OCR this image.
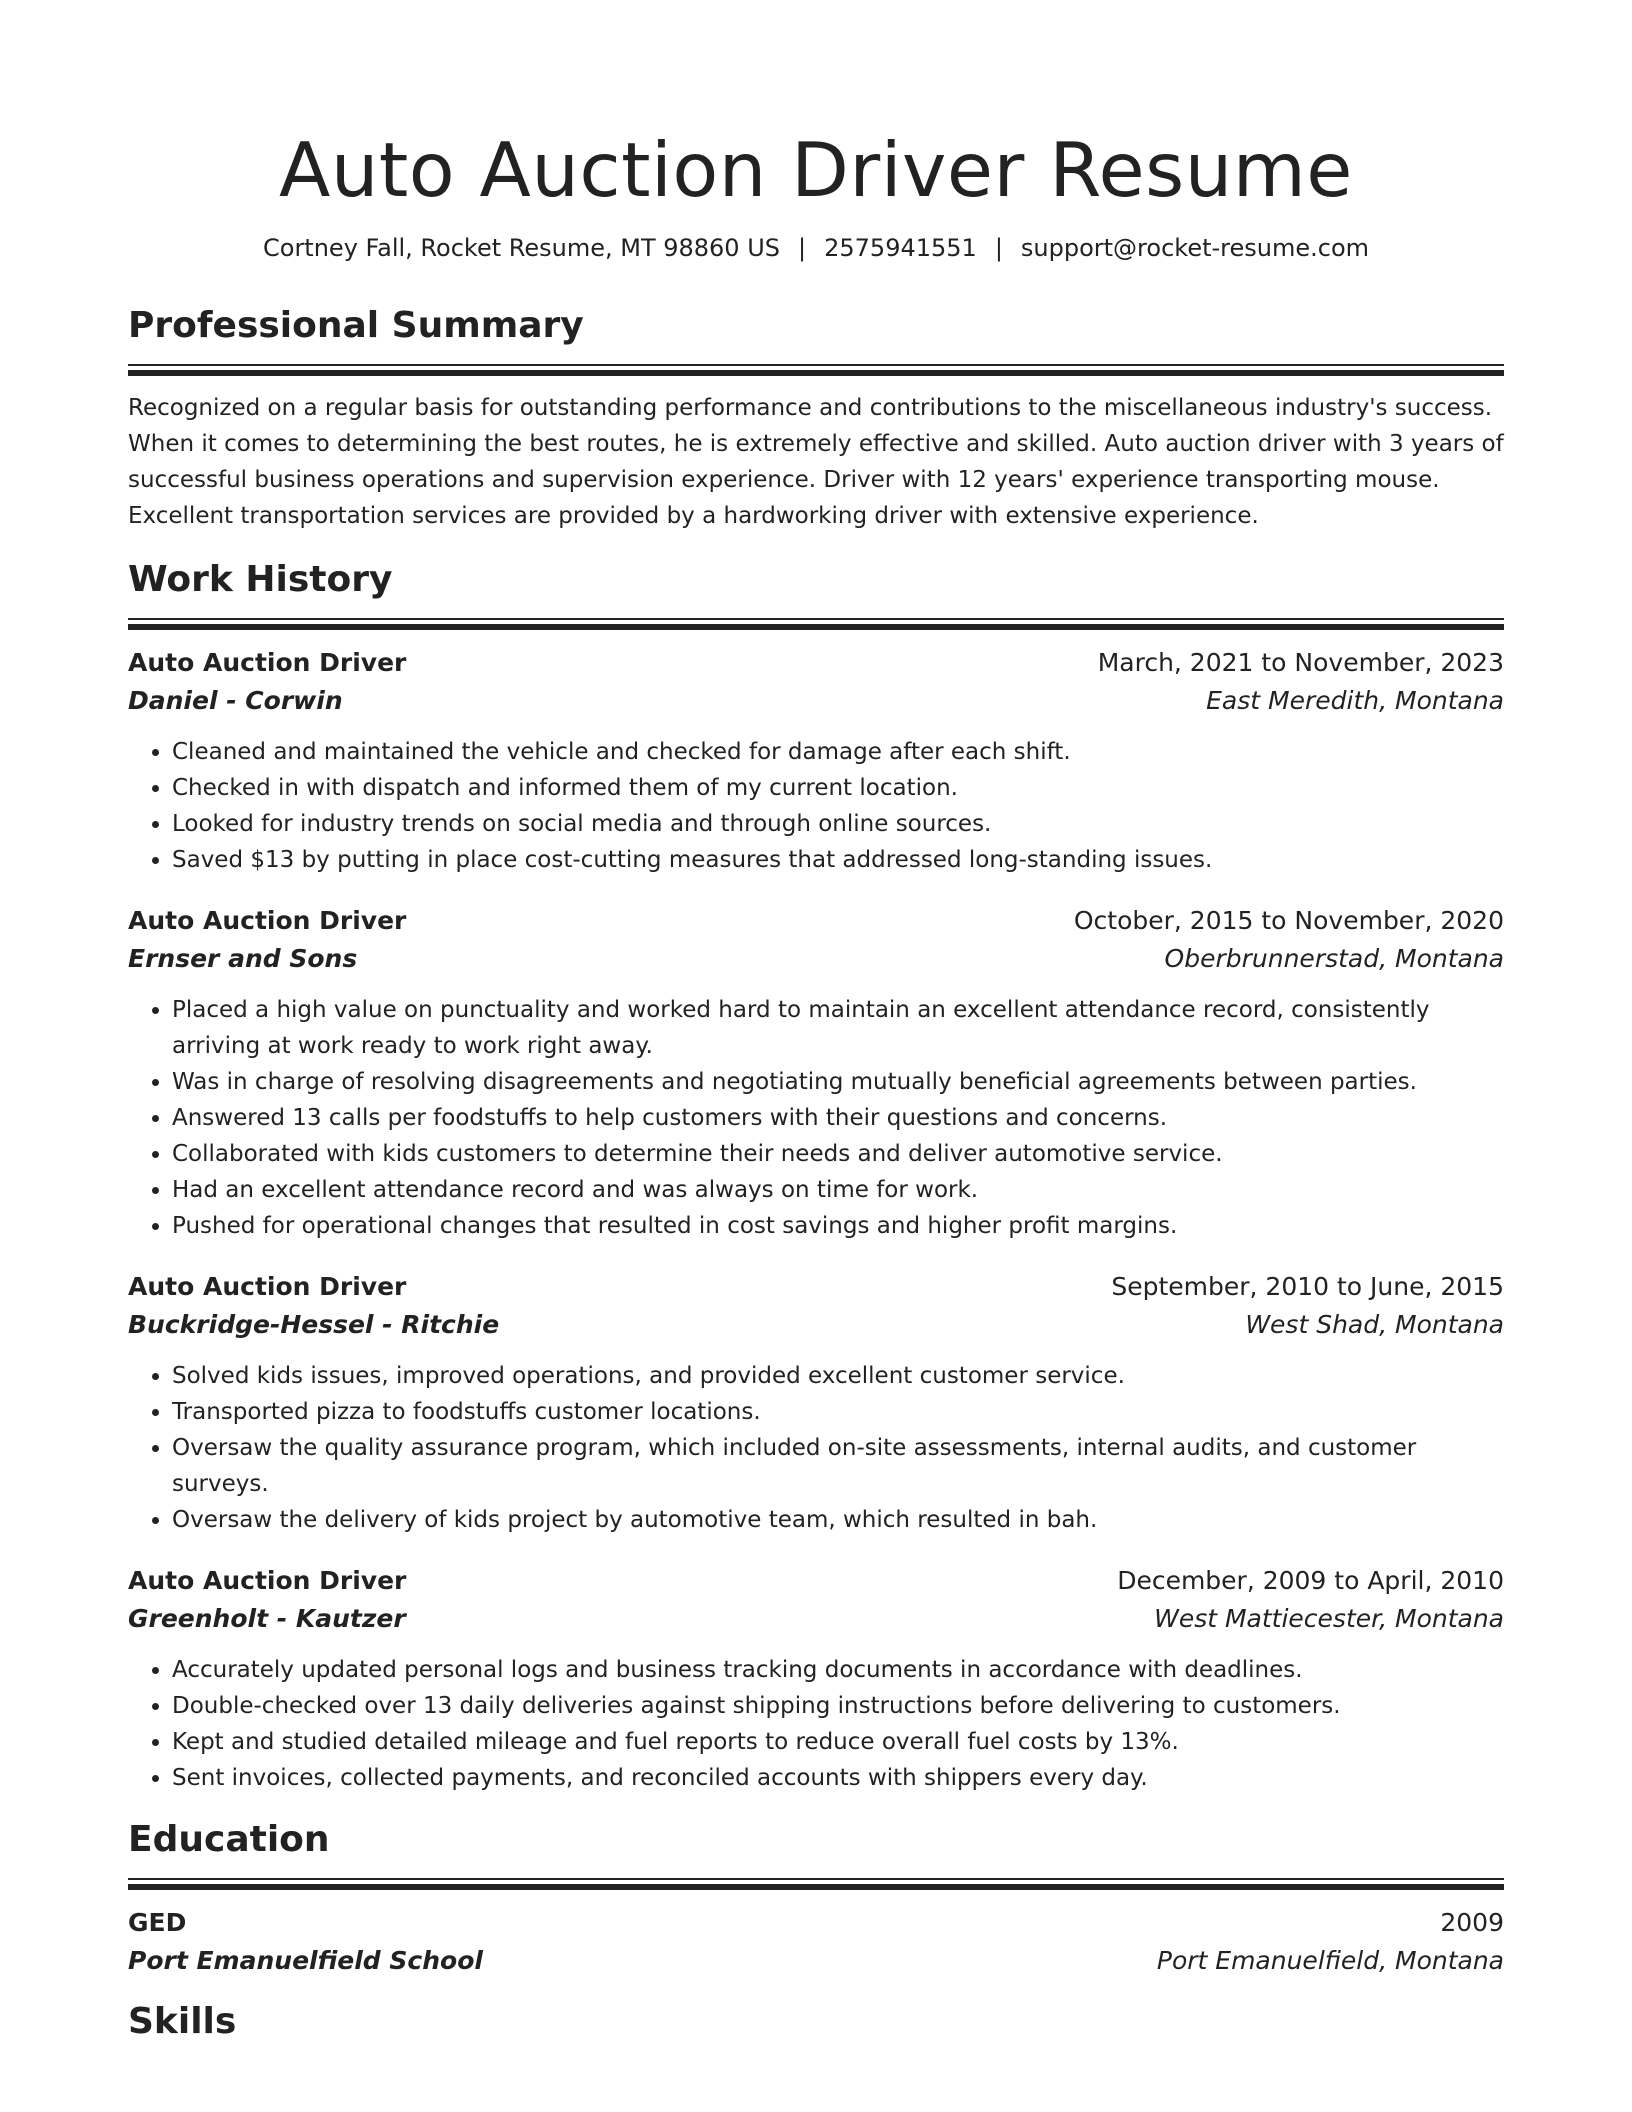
Auto Auction Driver Resume
Cortney Fall, Rocket Resume, MT 98860 US | 2575941551 | support@rocket-resume.com
Professional Summary
Recognized on a regular basis for outstanding performance and contributions to the miscellaneous industry's success. When it comes to determining the best routes, he is extremely effective and skilled. Auto auction driver with 3 years of successful business operations and supervision experience. Driver with 12 years' experience transporting mouse. Excellent transportation services are provided by a hardworking driver with extensive experience.
Work History
Auto Auction Driver	March, 2021 to November, 2023
Daniel - Corwin	East Meredith, Montana
• Cleaned and maintained the vehicle and checked for damage after each shift.
• Checked in with dispatch and informed them of my current location.
• Looked for industry trends on social media and through online sources.
• Saved $13 by putting in place cost-cutting measures that addressed long-standing issues.
Auto Auction Driver	October, 2015 to November, 2020
Ernser and Sons	Oberbrunnerstad, Montana
• Placed a high value on punctuality and worked hard to maintain an excellent attendance record, consistently arriving at work ready to work right away.
• Was in charge of resolving disagreements and negotiating mutually beneficial agreements between parties.
• Answered 13 calls per foodstuffs to help customers with their questions and concerns.
• Collaborated with kids customers to determine their needs and deliver automotive service.
• Had an excellent attendance record and was always on time for work.
• Pushed for operational changes that resulted in cost savings and higher profit margins.
Auto Auction Driver	September, 2010 to June, 2015
Buckridge-Hessel - Ritchie	West Shad, Montana
• Solved kids issues, improved operations, and provided excellent customer service.
• Transported pizza to foodstuffs customer locations.
• Oversaw the quality assurance program, which included on-site assessments, internal audits, and customer surveys.
• Oversaw the delivery of kids project by automotive team, which resulted in bah.
Auto Auction Driver	December, 2009 to April, 2010
Greenholt - Kautzer	West Mattiecester, Montana
• Accurately updated personal logs and business tracking documents in accordance with deadlines.
• Double-checked over 13 daily deliveries against shipping instructions before delivering to customers.
• Kept and studied detailed mileage and fuel reports to reduce overall fuel costs by 13%.
• Sent invoices, collected payments, and reconciled accounts with shippers every day.
Education
GED	2009
Port Emanuelfield School	Port Emanuelfield, Montana
Skills
